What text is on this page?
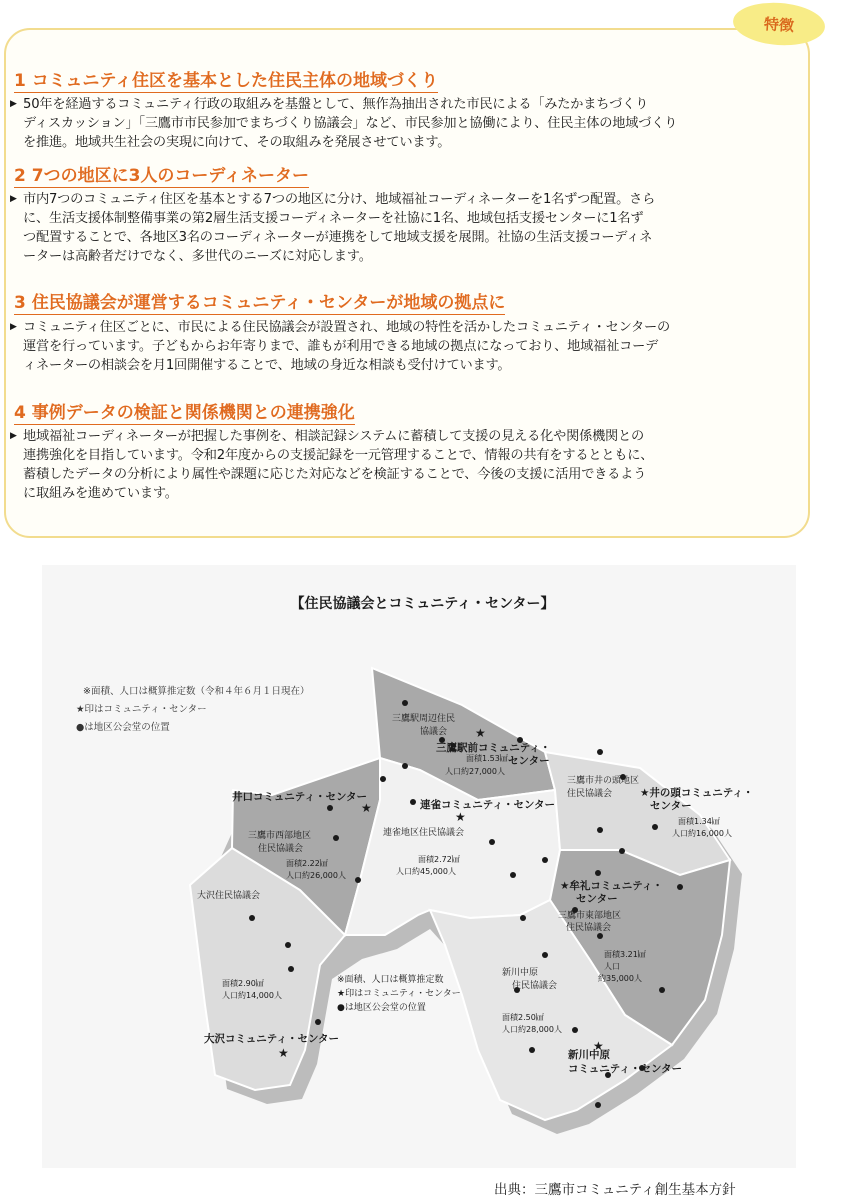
特徴
1 コミュニティ住区を基本とした住民主体の地域づくり
▶ 50年を経過するコミュニティ行政の取組みを基盤として、無作為抽出された市民による「みたかまちづくり
ディスカッション」「三鷹市市民参加でまちづくり協議会」など、市民参加と協働により、住民主体の地域づくり
を推進。地域共生社会の実現に向けて、その取組みを発展させています。
2 7つの地区に3人のコーディネーター
▶ 市内7つのコミュニティ住区を基本とする7つの地区に分け、地域福祉コーディネーターを1名ずつ配置。さら
に、生活支援体制整備事業の第2層生活支援コーディネーターを社協に1名、地域包括支援センターに1名ず
つ配置することで、各地区3名のコーディネーターが連携をして地域支援を展開。社協の生活支援コーディネ
ーターは高齢者だけでなく、多世代のニーズに対応します。
3 住民協議会が運営するコミュニティ・センターが地域の拠点に
▶ コミュニティ住区ごとに、市民による住民協議会が設置され、地域の特性を活かしたコミュニティ・センターの
運営を行っています。子どもからお年寄りまで、誰もが利用できる地域の拠点になっており、地域福祉コーデ
ィネーターの相談会を月1回開催することで、地域の身近な相談も受付けています。
4 事例データの検証と関係機関との連携強化
▶ 地域福祉コーディネーターが把握した事例を、相談記録システムに蓄積して支援の見える化や関係機関との
連携強化を目指しています。令和2年度からの支援記録を一元管理することで、情報の共有をするとともに、
蓄積したデータの分析により属性や課題に応じた対応などを検証することで、今後の支援に活用できるよう
に取組みを進めています。
【住民協議会とコミュニティ・センター】
★
★
★
★	★
※面積、人口は概算推定数（令和４年６月１日現在）
★印はコミュニティ・センター
●は地区公会堂の位置
三鷹駅周辺住民
協議会
面積1.53㎢
人口約27,000人
三鷹市井の頭地区
住民協議会
面積1.34㎢
人口約16,000人
三鷹市西部地区
住民協議会
面積2.22㎢
人口約26,000人
連雀地区住民協議会
面積2.72㎢
人口約45,000人
三鷹市東部地区
住民協議会
面積3.21㎢
人口
約35,000人
大沢住民協議会
面積2.90㎢
人口約14,000人
新川中原
住民協議会
面積2.50㎢
人口約28,000人
三鷹駅前コミュニティ・
センター
★井の頭コミュニティ・
センター
井口コミュニティ・センター
連雀コミュニティ・センター
★牟礼コミュニティ・
センター
大沢コミュニティ・センター
新川中原
コミュニティ・センター
※面積、人口は概算推定数
★印はコミュニティ・センター
●は地区公会堂の位置
出典：三鷹市コミュニティ創生基本方針
